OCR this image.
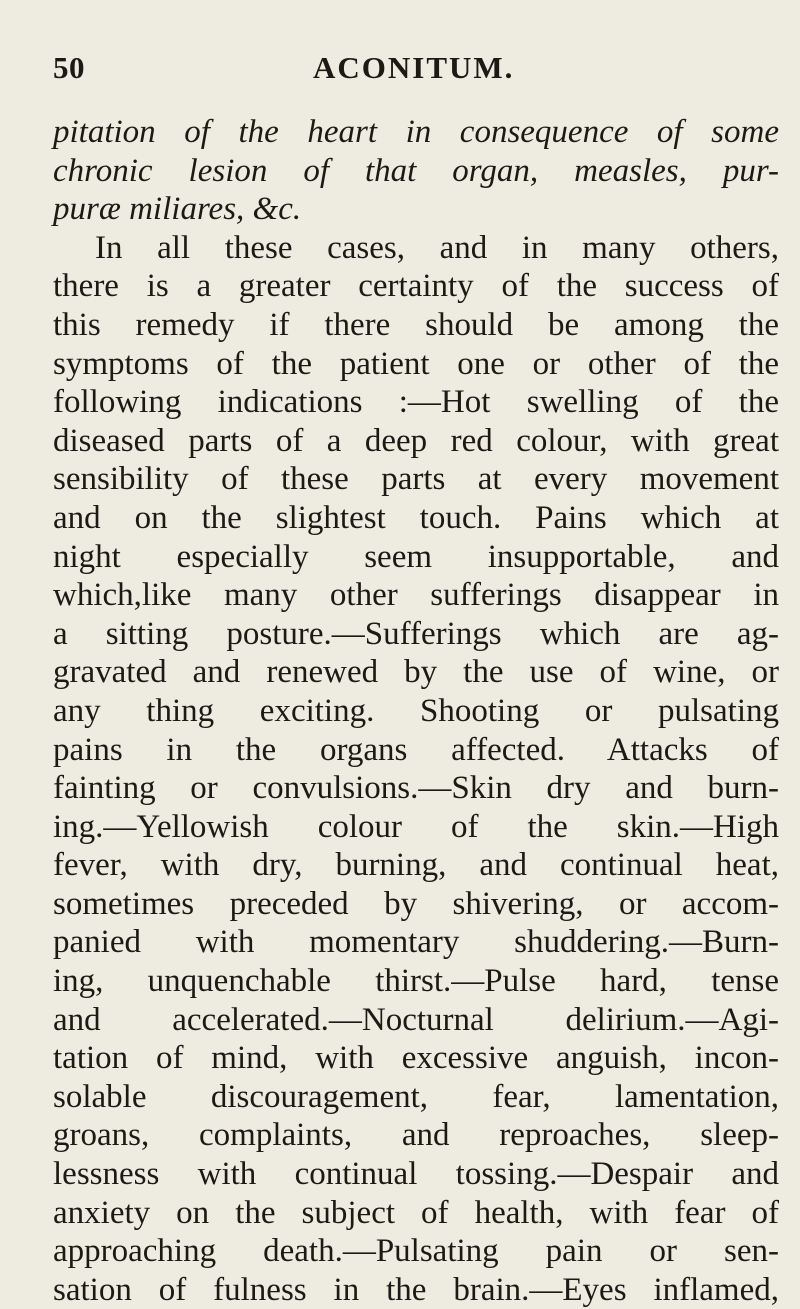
50	ACONITUM.
pitation of the heart in consequence of some
chronic lesion of that organ, measles, pur-
puræ miliares, &c.
In all these cases, and in many others,
there is a greater certainty of the success of
this remedy if there should be among the
symptoms of the patient one or other of the
following indications :—Hot swelling of the
diseased parts of a deep red colour, with great
sensibility of these parts at every movement
and on the slightest touch. Pains which at
night especially seem insupportable, and
which,like many other sufferings disappear in
a sitting posture.—Sufferings which are ag-
gravated and renewed by the use of wine, or
any thing exciting. Shooting or pulsating
pains in the organs affected. Attacks of
fainting or convulsions.—Skin dry and burn-
ing.—Yellowish colour of the skin.—High
fever, with dry, burning, and continual heat,
sometimes preceded by shivering, or accom-
panied with momentary shuddering.—Burn-
ing, unquenchable thirst.—Pulse hard, tense
and accelerated.—Nocturnal delirium.—Agi-
tation of mind, with excessive anguish, incon-
solable discouragement, fear, lamentation,
groans, complaints, and reproaches, sleep-
lessness with continual tossing.—Despair and
anxiety on the subject of health, with fear of
approaching death.—Pulsating pain or sen-
sation of fulness in the brain.—Eyes inflamed,
